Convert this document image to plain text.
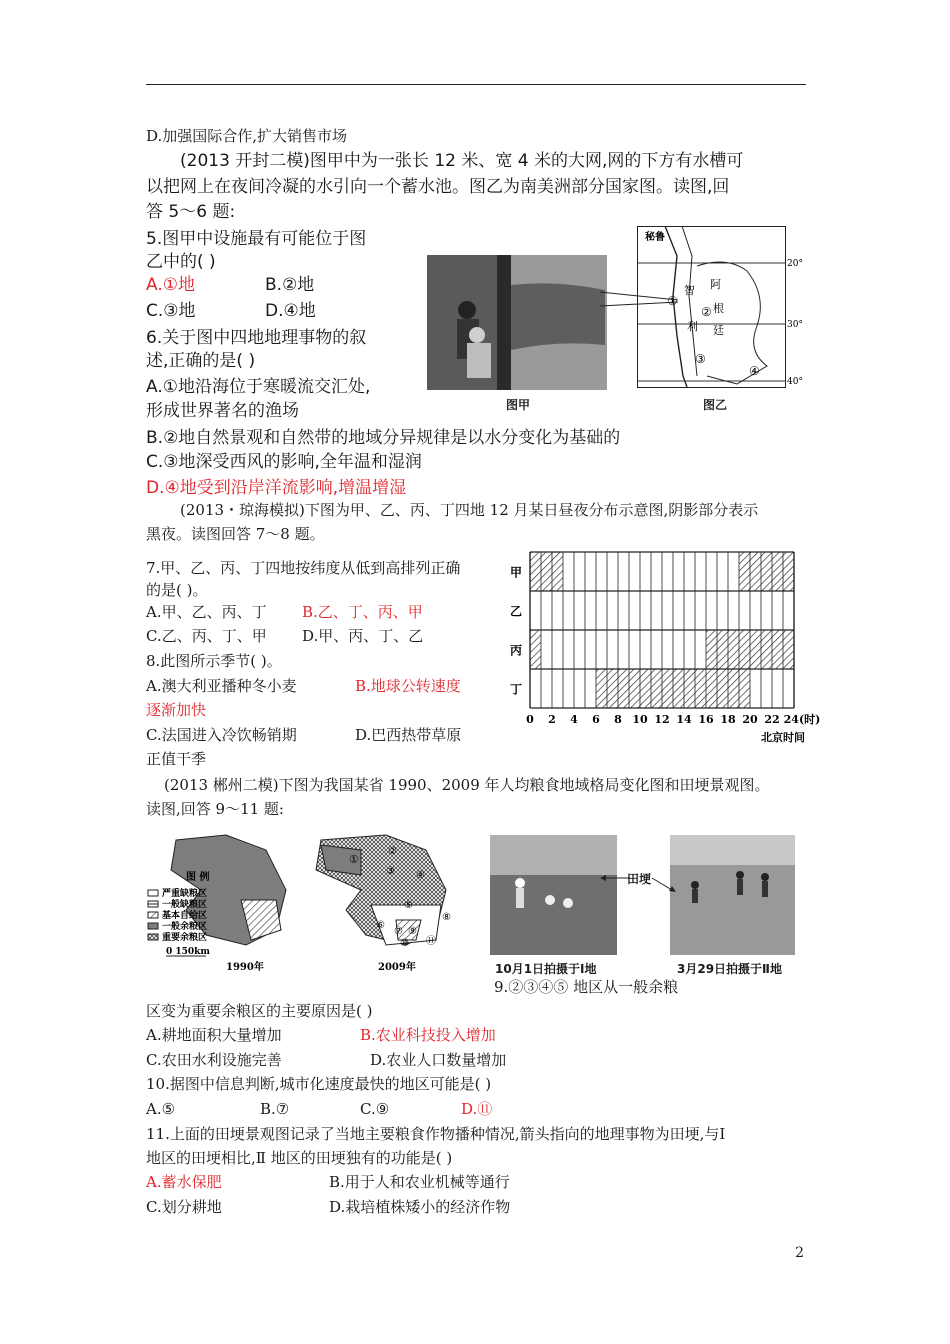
D.加强国际合作,扩大销售市场
(2013 开封二模)图甲中为一张长 12 米、宽 4 米的大网,网的下方有水槽可
以把网上在夜间冷凝的水引向一个蓄水池。图乙为南美洲部分国家图。读图,回
答 5～6 题:
5.图甲中设施最有可能位于图
乙中的( )
A.①地	B.②地
C.③地	D.④地
6.关于图中四地地理事物的叙
述,正确的是( )
A.①地沿海位于寒暖流交汇处,
形成世界著名的渔场
B.②地自然景观和自然带的地域分异规律是以水分变化为基础的
C.③地深受西风的影响,全年温和湿润
D.④地受到沿岸洋流影响,增温增湿
图甲
秘鲁
智
利
阿
根
廷
①
②
③
④
20°
30°
40°
图乙
(2013・琼海模拟)下图为甲、乙、丙、丁四地 12 月某日昼夜分布示意图,阴影部分表示
黑夜。读图回答 7～8 题。
7.甲、乙、丙、丁四地按纬度从低到高排列正确
的是( )。
A.甲、乙、丙、丁 B.乙、丁、丙、甲
C.乙、丙、丁、甲 D.甲、丙、丁、乙
8.此图所示季节( )。
A.澳大利亚播种冬小麦	B.地球公转速度
逐渐加快
C.法国进入冷饮畅销期	D.巴西热带草原
正值干季
甲
乙
丙
丁
0 2 4 6 8 10 12 14 16 18 20 22 24(时)
北京时间
(2013 郴州二模)下图为我国某省 1990、2009 年人均粮食地域格局变化图和田埂景观图。
读图,回答 9～11 题:
图 例
严重缺粮区
一般缺粮区
基本自给区
一般余粮区
重要余粮区
0 150km
1990年
①
②
③ ④
⑤
⑥
⑦
⑧
⑨
⑩ ⑪
2009年
田埂
10月1日拍摄于Ⅰ地	3月29日拍摄于Ⅱ地
9.②③④⑤ 地区从一般余粮
区变为重要余粮区的主要原因是( )
A.耕地面积大量增加	B.农业科技投入增加
C.农田水利设施完善	D.农业人口数量增加
10.据图中信息判断,城市化速度最快的地区可能是( )
A.⑤	B.⑦	C.⑨	D.⑪
11.上面的田埂景观图记录了当地主要粮食作物播种情况,箭头指向的地理事物为田埂,与Ⅰ
地区的田埂相比,Ⅱ 地区的田埂独有的功能是( )
A.蓄水保肥	B.用于人和农业机械等通行
C.划分耕地	D.栽培植株矮小的经济作物
2
